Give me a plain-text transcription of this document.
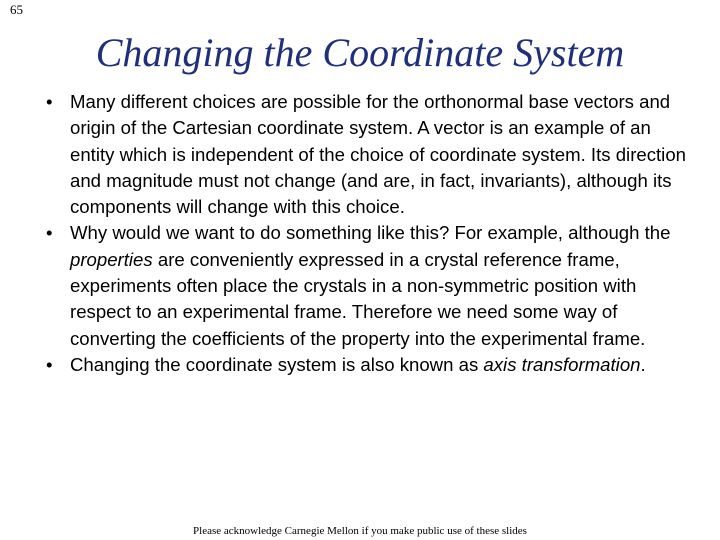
65
Changing the Coordinate System
• Many different choices are possible for the orthonormal base vectors and origin of the Cartesian coordinate system. A vector is an example of an entity which is independent of the choice of coordinate system. Its direction and magnitude must not change (and are, in fact, invariants), although its components will change with this choice.
• Why would we want to do something like this? For example, although the properties are conveniently expressed in a crystal reference frame, experiments often place the crystals in a non-symmetric position with respect to an experimental frame. Therefore we need some way of converting the coefficients of the property into the experimental frame.
• Changing the coordinate system is also known as axis transformation.
Please acknowledge Carnegie Mellon if you make public use of these slides
